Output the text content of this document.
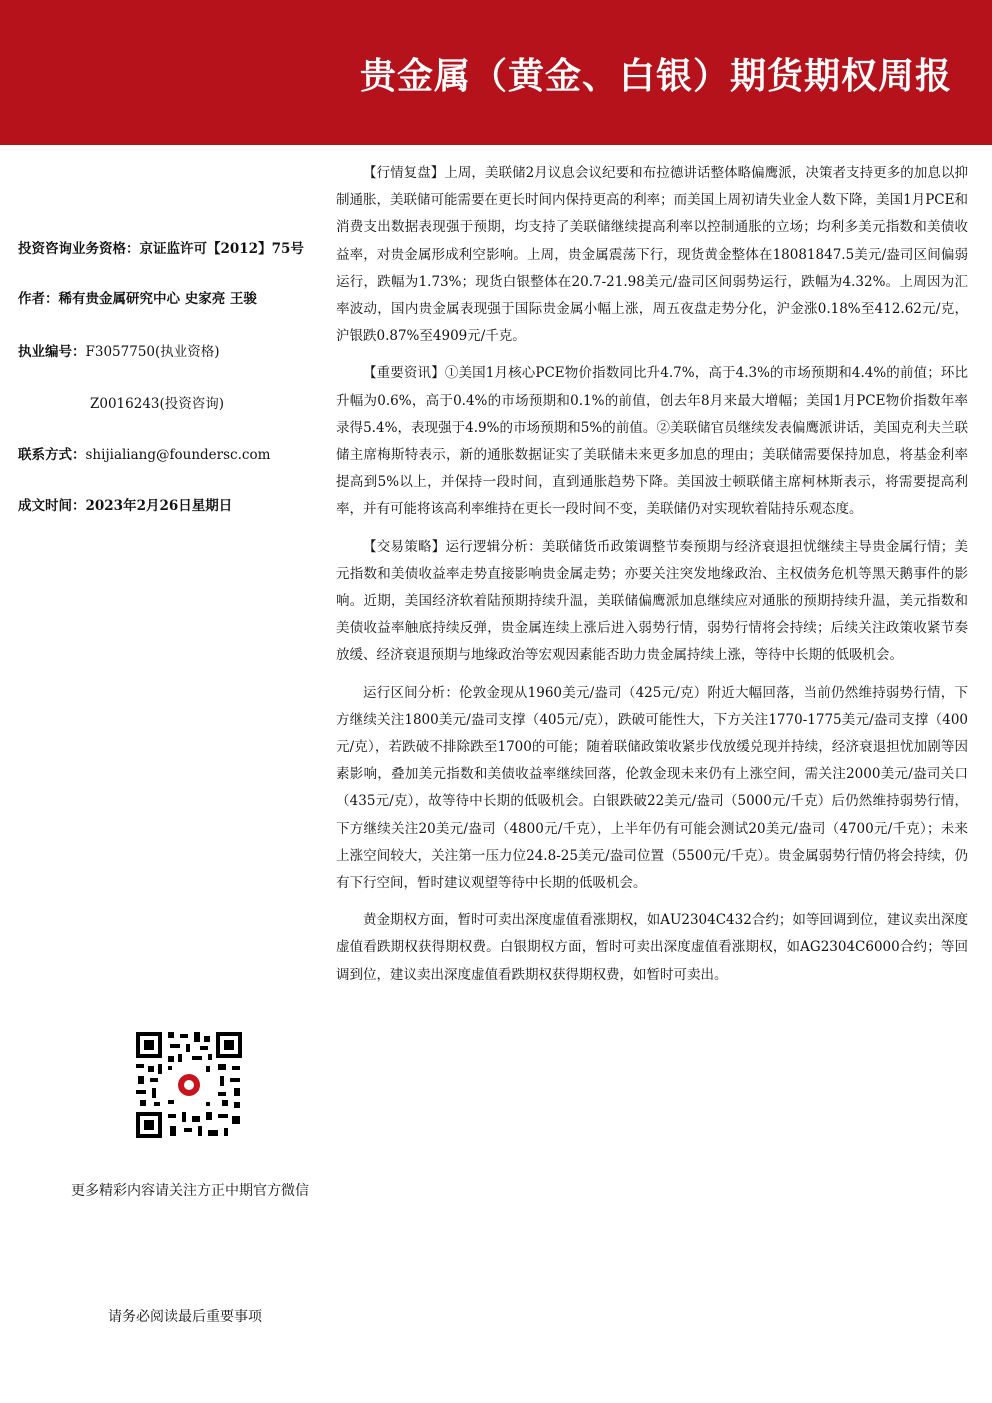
贵金属（黄金、白银）期货期权周报
投资咨询业务资格：京证监许可【2012】75号
作者：稀有贵金属研究中心 史家亮 王骏
执业编号：F3057750(执业资格)
Z0016243(投资咨询)
联系方式：shijialiang@foundersc.com
成文时间：2023年2月26日星期日
更多精彩内容请关注方正中期官方微信
请务必阅读最后重要事项

【行情复盘】上周，美联储2月议息会议纪要和布拉德讲话整体略偏鹰派，决策者支持更多的加息以抑制通胀，美联储可能需要在更长时间内保持更高的利率；而美国上周初请失业金人数下降，美国1月PCE和消费支出数据表现强于预期，均支持了美联储继续提高利率以控制通胀的立场；均利多美元指数和美债收益率，对贵金属形成利空影响。上周，贵金属震荡下行，现货黄金整体在18081847.5美元/盎司区间偏弱运行，跌幅为1.73%；现货白银整体在20.7-21.98美元/盎司区间弱势运行，跌幅为4.32%。上周因为汇率波动，国内贵金属表现强于国际贵金属小幅上涨，周五夜盘走势分化，沪金涨0.18%至412.62元/克，沪银跌0.87%至4909元/千克。

【重要资讯】①美国1月核心PCE物价指数同比升4.7%，高于4.3%的市场预期和4.4%的前值；环比升幅为0.6%，高于0.4%的市场预期和0.1%的前值，创去年8月来最大增幅；美国1月PCE物价指数年率录得5.4%，表现强于4.9%的市场预期和5%的前值。②美联储官员继续发表偏鹰派讲话，美国克利夫兰联储主席梅斯特表示，新的通胀数据证实了美联储未来更多加息的理由；美联储需要保持加息，将基金利率提高到5%以上，并保持一段时间，直到通胀趋势下降。美国波士顿联储主席柯林斯表示，将需要提高利率，并有可能将该高利率维持在更长一段时间不变，美联储仍对实现软着陆持乐观态度。

【交易策略】运行逻辑分析：美联储货币政策调整节奏预期与经济衰退担忧继续主导贵金属行情；美元指数和美债收益率走势直接影响贵金属走势；亦要关注突发地缘政治、主权债务危机等黑天鹅事件的影响。近期，美国经济软着陆预期持续升温，美联储偏鹰派加息继续应对通胀的预期持续升温，美元指数和美债收益率触底持续反弹，贵金属连续上涨后进入弱势行情，弱势行情将会持续；后续关注政策收紧节奏放缓、经济衰退预期与地缘政治等宏观因素能否助力贵金属持续上涨，等待中长期的低吸机会。

运行区间分析：伦敦金现从1960美元/盎司（425元/克）附近大幅回落，当前仍然维持弱势行情，下方继续关注1800美元/盎司支撑（405元/克），跌破可能性大，下方关注1770-1775美元/盎司支撑（400元/克），若跌破不排除跌至1700的可能；随着联储政策收紧步伐放缓兑现并持续，经济衰退担忧加剧等因素影响，叠加美元指数和美债收益率继续回落，伦敦金现未来仍有上涨空间，需关注2000美元/盎司关口（435元/克），故等待中长期的低吸机会。白银跌破22美元/盎司（5000元/千克）后仍然维持弱势行情，下方继续关注20美元/盎司（4800元/千克），上半年仍有可能会测试20美元/盎司（4700元/千克）；未来上涨空间较大，关注第一压力位24.8-25美元/盎司位置（5500元/千克）。贵金属弱势行情仍将会持续，仍有下行空间，暂时建议观望等待中长期的低吸机会。

黄金期权方面，暂时可卖出深度虚值看涨期权，如AU2304C432合约；如等回调到位，建议卖出深度虚值看跌期权获得期权费。白银期权方面，暂时可卖出深度虚值看涨期权，如AG2304C6000合约；等回调到位，建议卖出深度虚值看跌期权获得期权费，如暂时可卖出。
